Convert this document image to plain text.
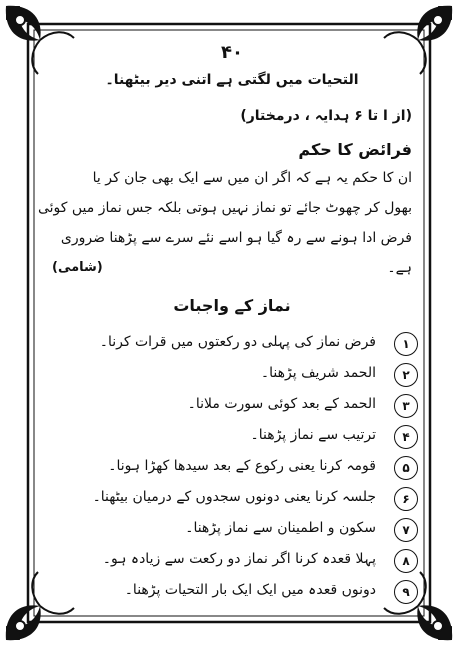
۴۰
التحیات میں لگتی ہے اتنی دیر بیٹھنا۔
(از ا تا ۶ ہدایہ ، درمختار)
فرائض کا حکم
ان کا حکم یہ ہے کہ اگر ان میں سے ایک بھی جان کر یا
بھول کر چھوٹ جائے تو نماز نہیں ہوتی بلکہ جس نماز میں کوئی
فرض ادا ہونے سے رہ گیا ہو اسے نئے سرے سے پڑھنا ضروری
ہے۔
(شامی)
نماز کے واجبات
۱
فرض نماز کی پہلی دو رکعتوں میں قرات کرنا۔
۲
الحمد شریف پڑھنا۔
۳
الحمد کے بعد کوئی سورت ملانا۔
۴
ترتیب سے نماز پڑھنا۔
۵
قومہ کرنا یعنی رکوع کے بعد سیدھا کھڑا ہونا۔
۶
جلسہ کرنا یعنی دونوں سجدوں کے درمیان بیٹھنا۔
۷
سکون و اطمینان سے نماز پڑھنا۔
۸
پہلا قعدہ کرنا اگر نماز دو رکعت سے زیادہ ہو۔
۹
دونوں قعدہ میں ایک ایک بار التحیات پڑھنا۔
